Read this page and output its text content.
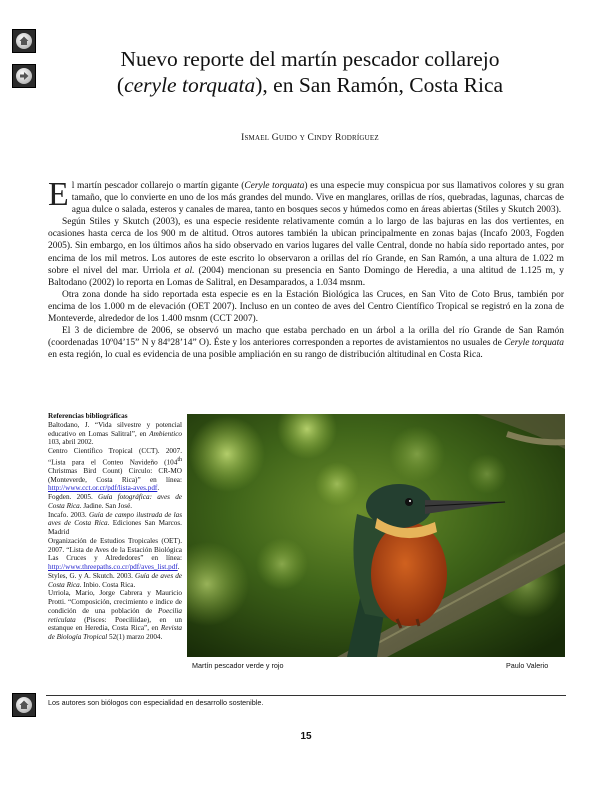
Nuevo reporte del martín pescador collarejo
(ceryle torquata), en San Ramón, Costa Rica
Ismael Guido y Cindy Rodríguez

El martín pescador collarejo o martín gigante (Ceryle torquata) es una especie muy conspicua por sus llamativos colores y su gran tamaño, que lo convierte en uno de los más grandes del mundo. Vive en manglares, orillas de ríos, quebradas, lagunas, charcas de agua dulce o salada, esteros y canales de marea, tanto en bosques secos y húmedos como en áreas abiertas (Stiles y Skutch 2003).

Según Stiles y Skutch (2003), es una especie residente relativamente común a lo largo de las bajuras en las dos vertientes, en ocasiones hasta cerca de los 900 m de altitud. Otros autores también la ubican principalmente en zonas bajas (Incafo 2003, Fogden 2005). Sin embargo, en los últimos años ha sido observado en varios lugares del valle Central, donde no había sido reportado antes, por encima de los mil metros. Los autores de este escrito lo observaron a orillas del río Grande, en San Ramón, a una altura de 1.022 m sobre el nivel del mar. Urriola et al. (2004) mencionan su presencia en Santo Domingo de Heredia, a una altitud de 1.125 m, y Baltodano (2002) lo reporta en Lomas de Salitral, en Desamparados, a 1.034 msnm.

Otra zona donde ha sido reportada esta especie es en la Estación Biológica las Cruces, en San Vito de Coto Brus, también por encima de los 1.000 m de elevación (OET 2007). Incluso en un conteo de aves del Centro Científico Tropical se registró en la zona de Monteverde, alrededor de los 1.400 msnm (CCT 2007).

El 3 de diciembre de 2006, se observó un macho que estaba perchado en un árbol a la orilla del río Grande de San Ramón (coordenadas 10º04’15” N y 84º28’14” O). Éste y los anteriores corresponden a reportes de avistamientos no usuales de Ceryle torquata en esta región, lo cual es evidencia de una posible ampliación en su rango de distribución altitudinal en Costa Rica.

Referencias bibliográficas

Baltodano, J. “Vida silvestre y potencial educativo en Lomas Salitral”, en Ambientico 103, abril 2002.

Centro Científico Tropical (CCT). 2007. “Lista para el Conteo Navideño (104th Christmas Bird Count) Circulo: CR-MO (Monteverde, Costa Rica)” en línea: http://www.cct.or.cr/pdf/lista-aves.pdf.

Fogden. 2005. Guía fotográfica: aves de Costa Rica. Jadine. San José.

Incafo. 2003. Guía de campo ilustrada de las aves de Costa Rica. Ediciones San Marcos. Madrid

Organización de Estudios Tropicales (OET). 2007. “Lista de Aves de la Estación Biológica Las Cruces y Alrededores” en línea: http://www.threepaths.co.cr/pdf/aves_list.pdf.

Styles, G. y A. Skutch. 2003. Guía de aves de Costa Rica. Inbio. Costa Rica.

Urriola, Mario, Jorge Cabrera y Mauricio Protti. “Composición, crecimiento e índice de condición de una población de Poecilia reticulata (Pisces: Poeciliidae), en un estanque en Heredia, Costa Rica”, en Revista de Biología Tropical 52(1) marzo 2004.

Martín pescador verde y rojo	Paulo Valerio
Los autores son biólogos con especialidad en desarrollo sostenible.
15
